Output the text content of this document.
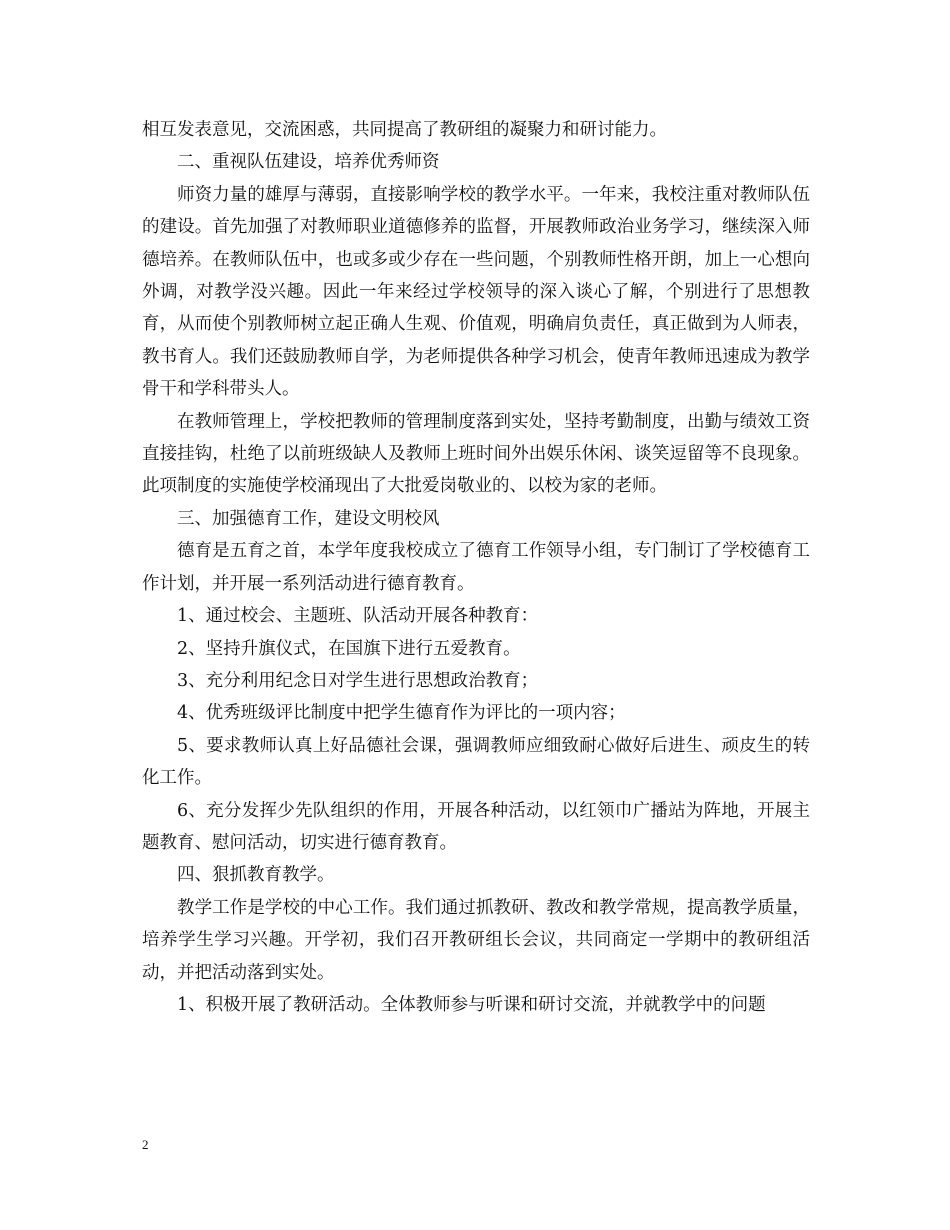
相互发表意见，交流困惑，共同提高了教研组的凝聚力和研讨能力。

二、重视队伍建设，培养优秀师资

师资力量的雄厚与薄弱，直接影响学校的教学水平。一年来，我校注重对教师队伍的建设。首先加强了对教师职业道德修养的监督，开展教师政治业务学习，继续深入师德培养。在教师队伍中，也或多或少存在一些问题，个别教师性格开朗，加上一心想向外调，对教学没兴趣。因此一年来经过学校领导的深入谈心了解，个别进行了思想教育，从而使个别教师树立起正确人生观、价值观，明确肩负责任，真正做到为人师表，教书育人。我们还鼓励教师自学，为老师提供各种学习机会，使青年教师迅速成为教学骨干和学科带头人。

在教师管理上，学校把教师的管理制度落到实处，坚持考勤制度，出勤与绩效工资直接挂钩，杜绝了以前班级缺人及教师上班时间外出娱乐休闲、谈笑逗留等不良现象。此项制度的实施使学校涌现出了大批爱岗敬业的、以校为家的老师。

三、加强德育工作，建设文明校风

德育是五育之首，本学年度我校成立了德育工作领导小组，专门制订了学校德育工作计划，并开展一系列活动进行德育教育。

1、通过校会、主题班、队活动开展各种教育：

2、坚持升旗仪式，在国旗下进行五爱教育。

3、充分利用纪念日对学生进行思想政治教育；

4、优秀班级评比制度中把学生德育作为评比的一项内容；

5、要求教师认真上好品德社会课，强调教师应细致耐心做好后进生、顽皮生的转化工作。

6、充分发挥少先队组织的作用，开展各种活动，以红领巾广播站为阵地，开展主题教育、慰问活动，切实进行德育教育。

四、狠抓教育教学。

教学工作是学校的中心工作。我们通过抓教研、教改和教学常规，提高教学质量，培养学生学习兴趣。开学初，我们召开教研组长会议，共同商定一学期中的教研组活动，并把活动落到实处。

1、积极开展了教研活动。全体教师参与听课和研讨交流，并就教学中的问题

2
